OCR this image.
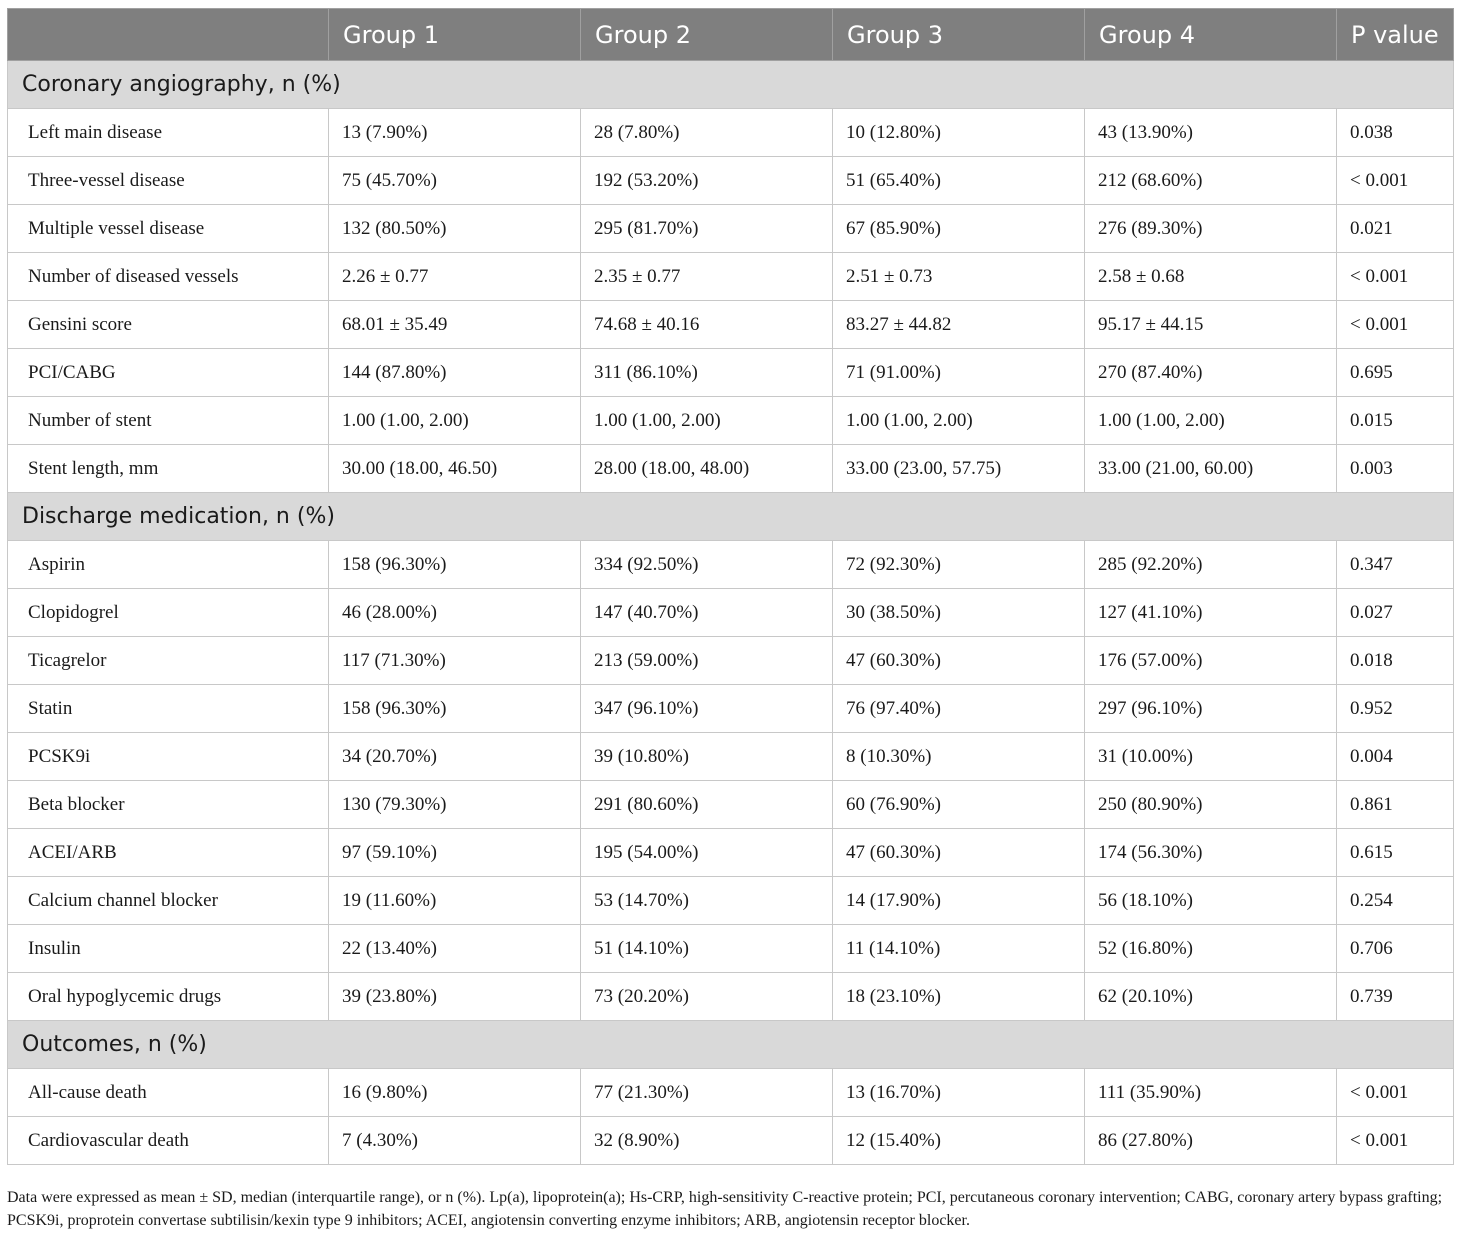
	Group 1	Group 2	Group 3	Group 4	P value
Coronary angiography, n (%)					
Left main disease	13 (7.90%)	28 (7.80%)	10 (12.80%)	43 (13.90%)	0.038
Three-vessel disease	75 (45.70%)	192 (53.20%)	51 (65.40%)	212 (68.60%)	< 0.001
Multiple vessel disease	132 (80.50%)	295 (81.70%)	67 (85.90%)	276 (89.30%)	0.021
Number of diseased vessels	2.26 ± 0.77	2.35 ± 0.77	2.51 ± 0.73	2.58 ± 0.68	< 0.001
Gensini score	68.01 ± 35.49	74.68 ± 40.16	83.27 ± 44.82	95.17 ± 44.15	< 0.001
PCI/CABG	144 (87.80%)	311 (86.10%)	71 (91.00%)	270 (87.40%)	0.695
Number of stent	1.00 (1.00, 2.00)	1.00 (1.00, 2.00)	1.00 (1.00, 2.00)	1.00 (1.00, 2.00)	0.015
Stent length, mm	30.00 (18.00, 46.50)	28.00 (18.00, 48.00)	33.00 (23.00, 57.75)	33.00 (21.00, 60.00)	0.003
Discharge medication, n (%)					
Aspirin	158 (96.30%)	334 (92.50%)	72 (92.30%)	285 (92.20%)	0.347
Clopidogrel	46 (28.00%)	147 (40.70%)	30 (38.50%)	127 (41.10%)	0.027
Ticagrelor	117 (71.30%)	213 (59.00%)	47 (60.30%)	176 (57.00%)	0.018
Statin	158 (96.30%)	347 (96.10%)	76 (97.40%)	297 (96.10%)	0.952
PCSK9i	34 (20.70%)	39 (10.80%)	8 (10.30%)	31 (10.00%)	0.004
Beta blocker	130 (79.30%)	291 (80.60%)	60 (76.90%)	250 (80.90%)	0.861
ACEI/ARB	97 (59.10%)	195 (54.00%)	47 (60.30%)	174 (56.30%)	0.615
Calcium channel blocker	19 (11.60%)	53 (14.70%)	14 (17.90%)	56 (18.10%)	0.254
Insulin	22 (13.40%)	51 (14.10%)	11 (14.10%)	52 (16.80%)	0.706
Oral hypoglycemic drugs	39 (23.80%)	73 (20.20%)	18 (23.10%)	62 (20.10%)	0.739
Outcomes, n (%)					
All-cause death	16 (9.80%)	77 (21.30%)	13 (16.70%)	111 (35.90%)	< 0.001
Cardiovascular death	7 (4.30%)	32 (8.90%)	12 (15.40%)	86 (27.80%)	< 0.001
Data were expressed as mean ± SD, median (interquartile range), or n (%). Lp(a), lipoprotein(a); Hs-CRP, high-sensitivity C-reactive protein; PCI, percutaneous coronary intervention; CABG, coronary artery bypass grafting; PCSK9i, proprotein convertase subtilisin/kexin type 9 inhibitors; ACEI, angiotensin converting enzyme inhibitors; ARB, angiotensin receptor blocker.
